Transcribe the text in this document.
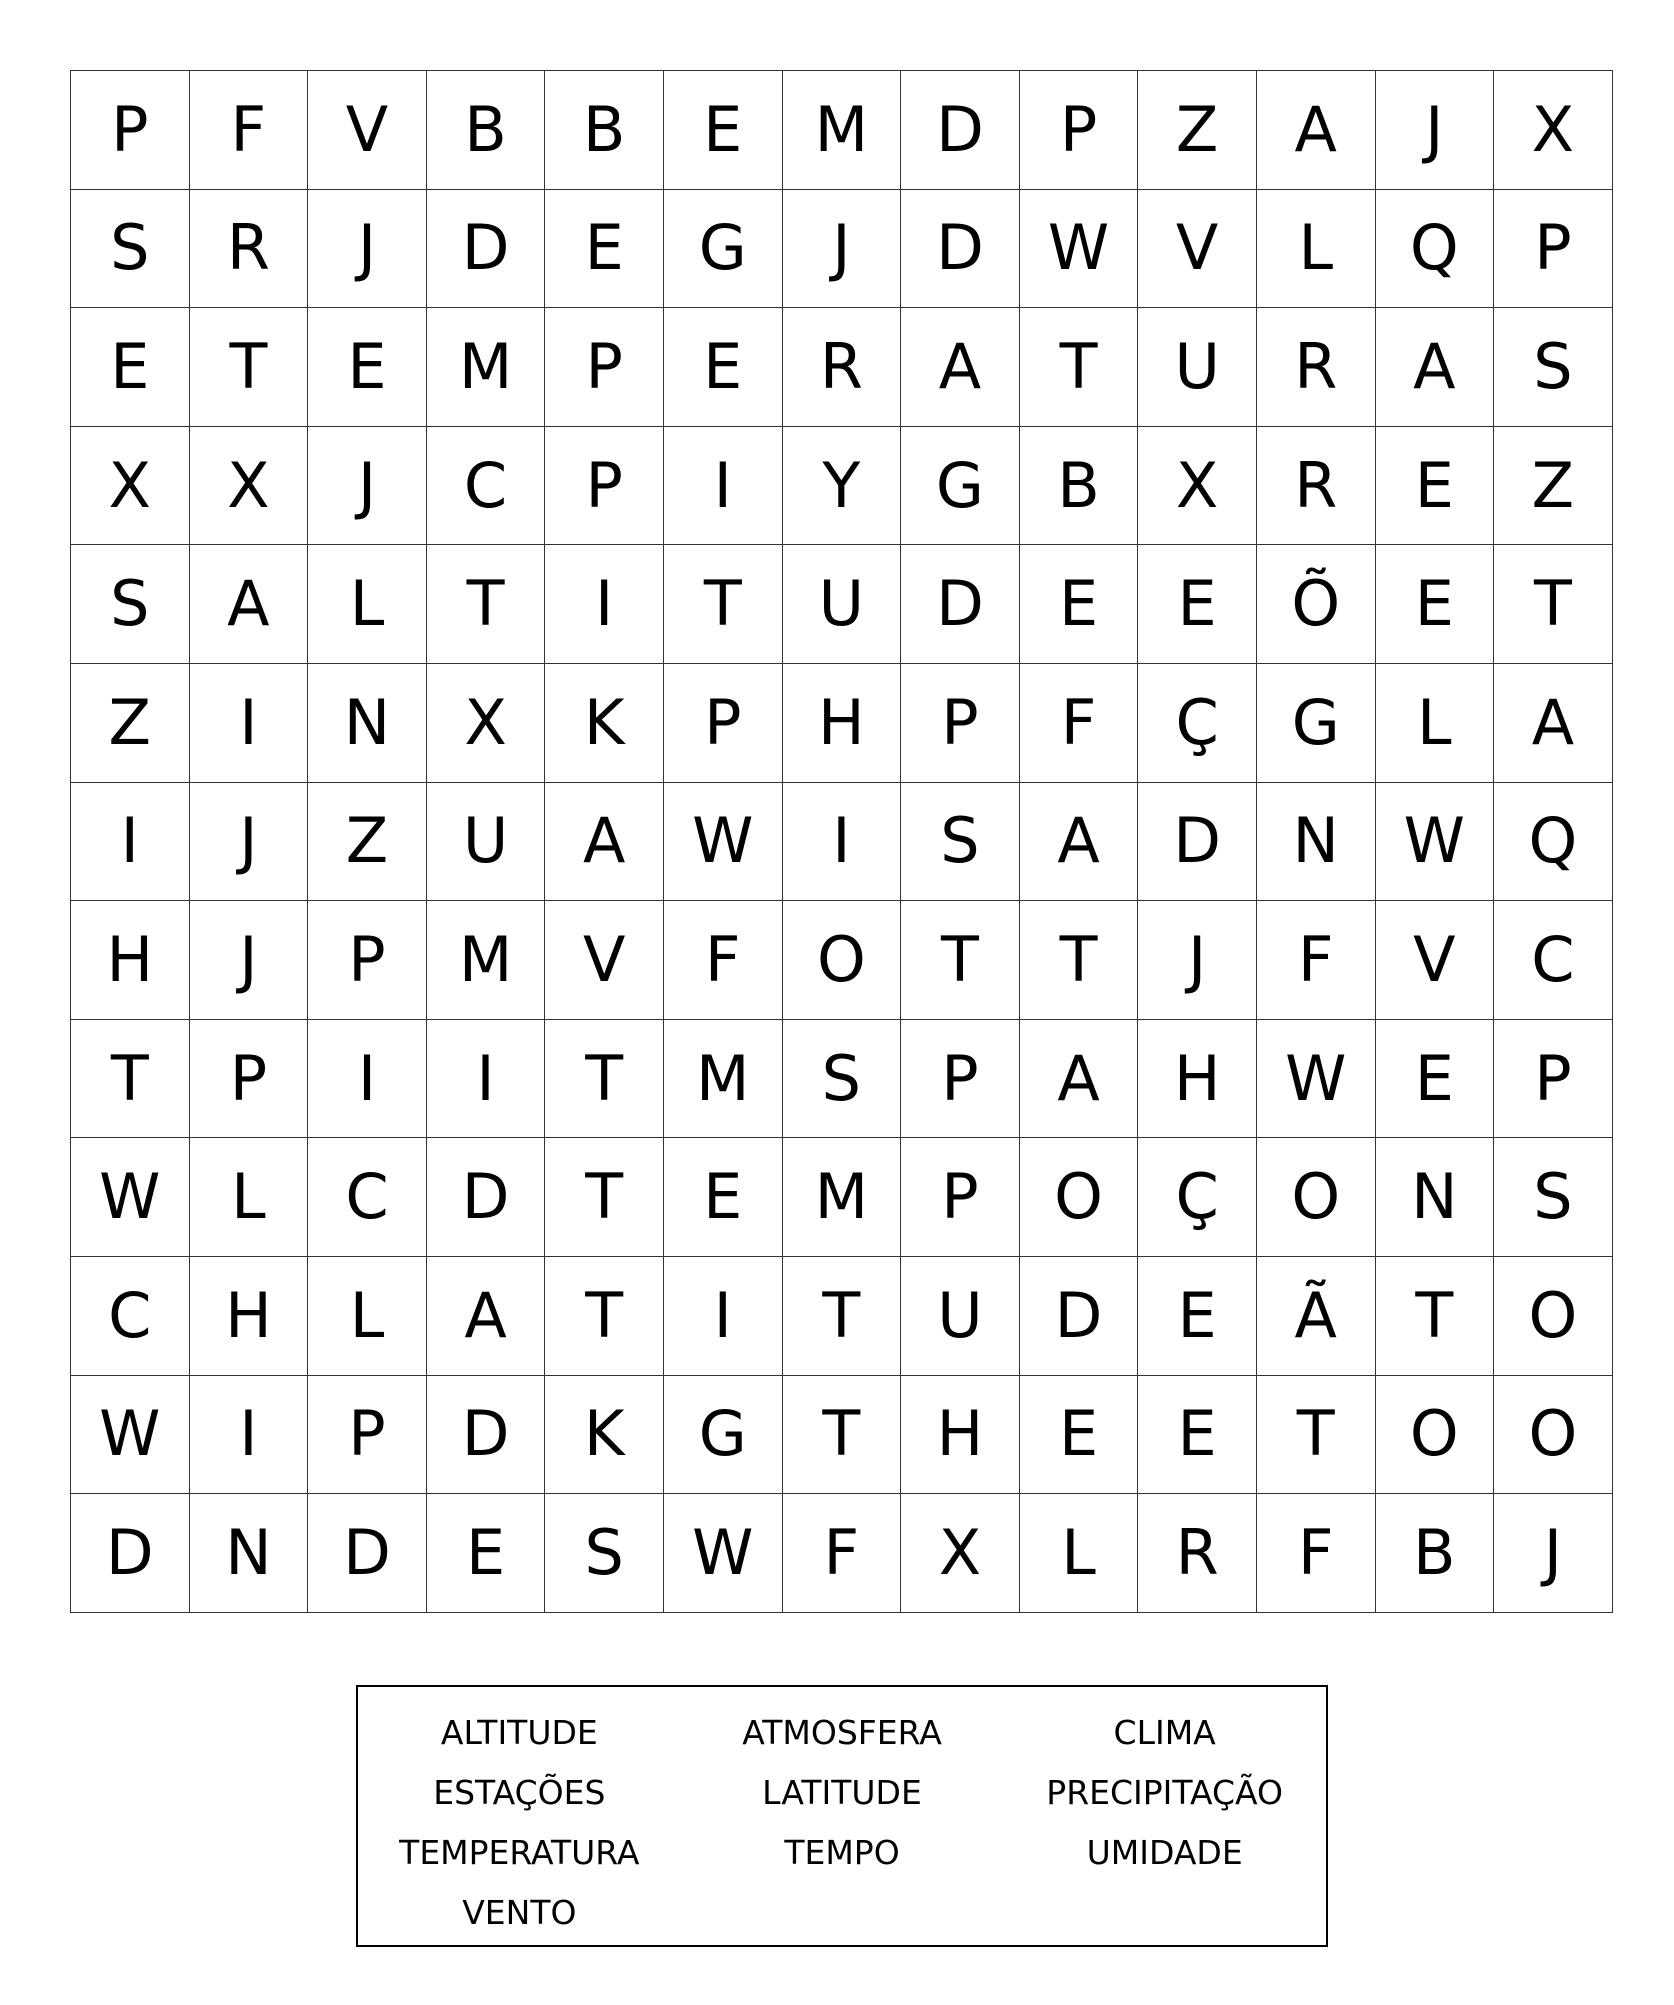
P	F	V	B	B	E	M	D	P	Z	A	J	X
S	R	J	D	E	G	J	D	W	V	L	Q	P
E	T	E	M	P	E	R	A	T	U	R	A	S
X	X	J	C	P	I	Y	G	B	X	R	E	Z
S	A	L	T	I	T	U	D	E	E	Õ	E	T
Z	I	N	X	K	P	H	P	F	Ç	G	L	A
I	J	Z	U	A	W	I	S	A	D	N	W	Q
H	J	P	M	V	F	O	T	T	J	F	V	C
T	P	I	I	T	M	S	P	A	H	W	E	P
W	L	C	D	T	E	M	P	O	Ç	O	N	S
C	H	L	A	T	I	T	U	D	E	Ã	T	O
W	I	P	D	K	G	T	H	E	E	T	O	O
D	N	D	E	S	W	F	X	L	R	F	B	J
ALTITUDE	ATMOSFERA	CLIMA
ESTAÇÕES	LATITUDE	PRECIPITAÇÃO
TEMPERATURA	TEMPO	UMIDADE
VENTO
